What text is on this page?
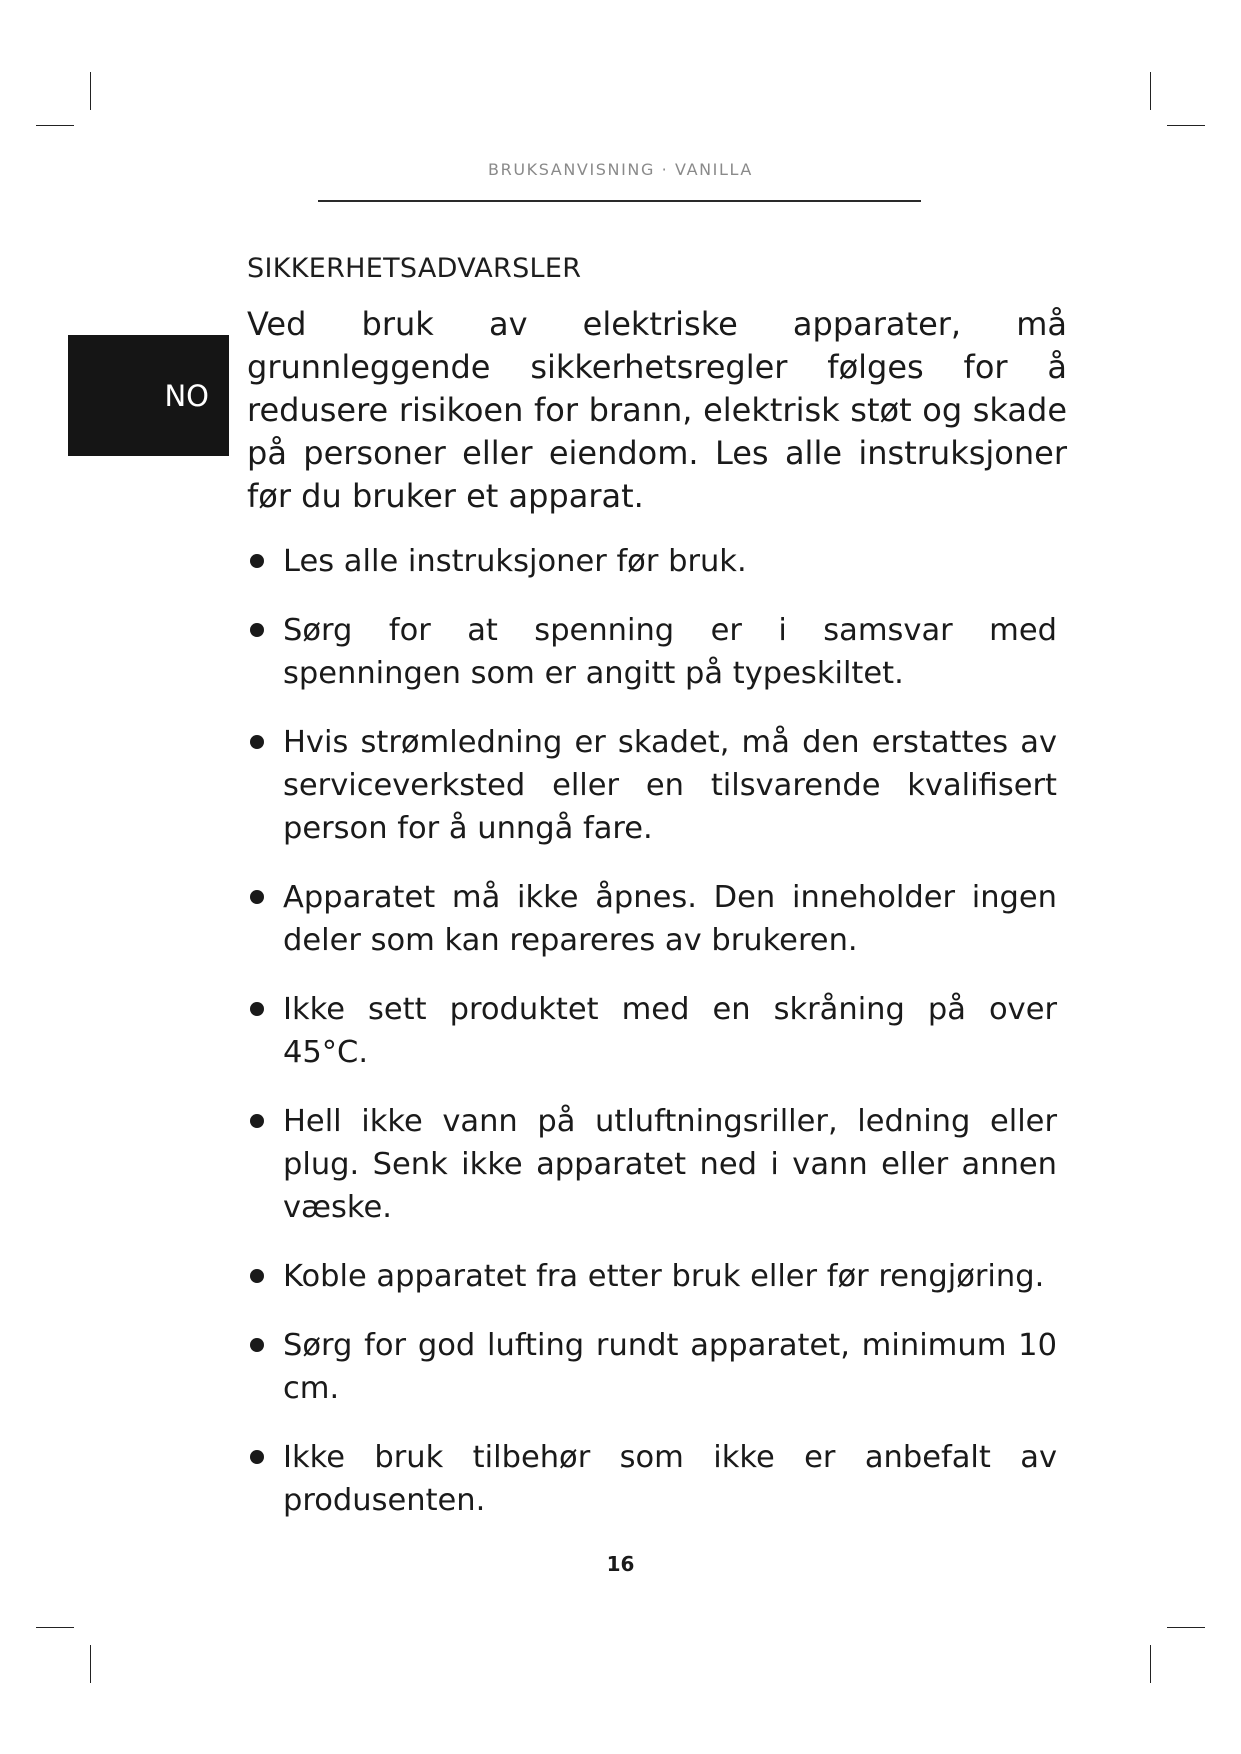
BRUKSANVISNING · VANILLA
NO
SIKKERHETSADVARSLER

Ved bruk av elektriske apparater, må grunnleggende sikkerhetsregler følges for å redusere risikoen for brann, elektrisk støt og skade på personer eller eiendom. Les alle instruksjoner før du bruker et apparat.

Les alle instruksjoner før bruk.
Sørg for at spenning er i samsvar med spenningen som er angitt på typeskiltet.
Hvis strømledning er skadet, må den erstattes av serviceverksted eller en tilsvarende kvalifisert person for å unngå fare.
Apparatet må ikke åpnes. Den inneholder ingen deler som kan repareres av brukeren.
Ikke sett produktet med en skråning på over 45°C.
Hell ikke vann på utluftningsriller, ledning eller plug. Senk ikke apparatet ned i vann eller annen væske.
Koble apparatet fra etter bruk eller før rengjøring.
Sørg for god lufting rundt apparatet, minimum 10 cm.
Ikke bruk tilbehør som ikke er anbefalt av produsenten.
16
